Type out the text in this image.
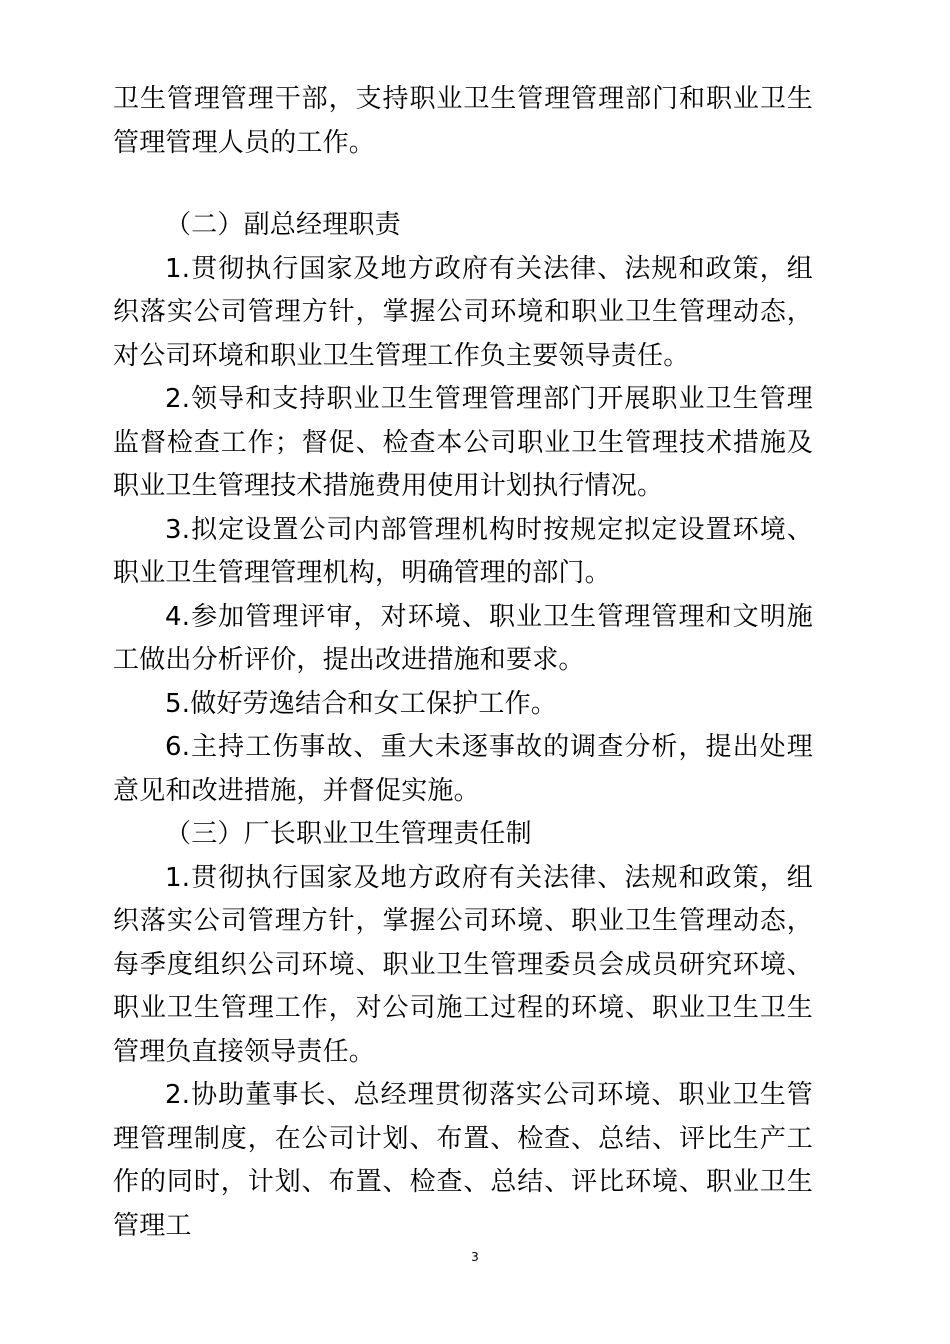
卫生管理管理干部，支持职业卫生管理管理部门和职业卫生管理管理人员的工作。

（二）副总经理职责

1.贯彻执行国家及地方政府有关法律、法规和政策，组织落实公司管理方针，掌握公司环境和职业卫生管理动态，对公司环境和职业卫生管理工作负主要领导责任。

2.领导和支持职业卫生管理管理部门开展职业卫生管理监督检查工作；督促、检查本公司职业卫生管理技术措施及职业卫生管理技术措施费用使用计划执行情况。

3.拟定设置公司内部管理机构时按规定拟定设置环境、职业卫生管理管理机构，明确管理的部门。

4.参加管理评审，对环境、职业卫生管理管理和文明施工做出分析评价，提出改进措施和要求。

5.做好劳逸结合和女工保护工作。

6.主持工伤事故、重大未逐事故的调查分析，提出处理意见和改进措施，并督促实施。

（三）厂长职业卫生管理责任制

1.贯彻执行国家及地方政府有关法律、法规和政策，组织落实公司管理方针，掌握公司环境、职业卫生管理动态，每季度组织公司环境、职业卫生管理委员会成员研究环境、职业卫生管理工作，对公司施工过程的环境、职业卫生卫生管理负直接领导责任。

2.协助董事长、总经理贯彻落实公司环境、职业卫生管理管理制度，在公司计划、布置、检查、总结、评比生产工作的同时，计划、布置、检查、总结、评比环境、职业卫生管理工

3
